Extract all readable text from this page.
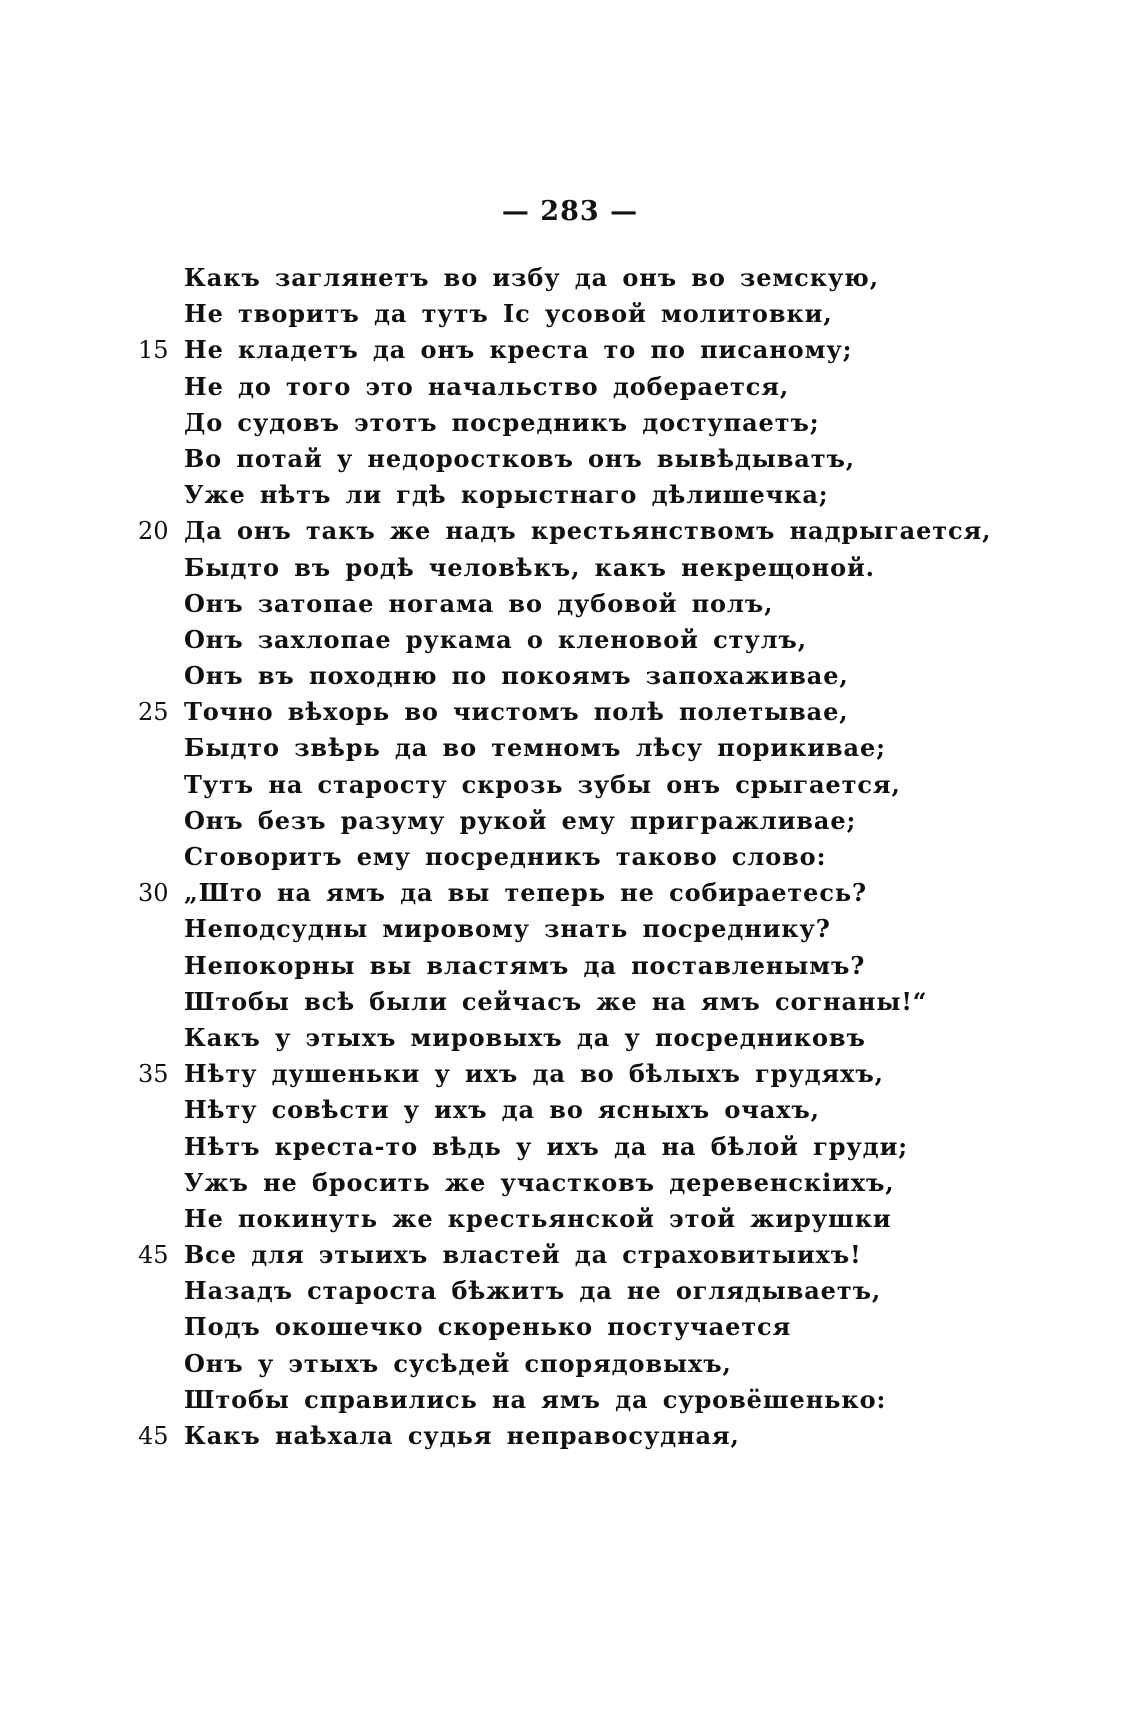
— 283 —
Какъ заглянетъ во избу да онъ во земскую,
Не творитъ да тутъ Іс усовой молитовки,
15 Не кладетъ да онъ креста то по писаному;
Не до того это начальство доберается,
До судовъ этотъ посредникъ доступаетъ;
Во потай у недоростковъ онъ вывѣдыватъ,
Уже нѣтъ ли гдѣ корыстнаго дѣлишечка;
20 Да онъ такъ же надъ крестьянствомъ надрыгается,
Быдто въ родѣ человѣкъ, какъ некрещоной.
Онъ затопае ногама во дубовой полъ,
Онъ захлопае рукама о кленовой стулъ,
Онъ въ походню по покоямъ запохаживае,
25 Точно вѣхорь во чистомъ полѣ полетывае,
Быдто звѣрь да во темномъ лѣсу порикивае;
Тутъ на старосту скрозь зубы онъ срыгается,
Онъ безъ разуму рукой ему пригражливае;
Сговоритъ ему посредникъ таково слово:
30 „Што на ямъ да вы теперь не собираетесь?
Неподсудны мировому знать посреднику?
Непокорны вы властямъ да поставленымъ?
Штобы всѣ были сейчасъ же на ямъ согнаны!“
Какъ у этыхъ мировыхъ да у посредниковъ
35 Нѣту душеньки у ихъ да во бѣлыхъ грудяхъ,
Нѣту совѣсти у ихъ да во ясныхъ очахъ,
Нѣтъ креста-то вѣдь у ихъ да на бѣлой груди;
Ужъ не бросить же участковъ деревенскіихъ,
Не покинуть же крестьянской этой жирушки
45 Все для этыихъ властей да страховитыихъ!
Назадъ староста бѣжитъ да не оглядываетъ,
Подъ окошечко скоренько постучается
Онъ у этыхъ сусѣдей спорядовыхъ,
Штобы справились на ямъ да суровёшенько:
45 Какъ наѣхала судья неправосудная,
